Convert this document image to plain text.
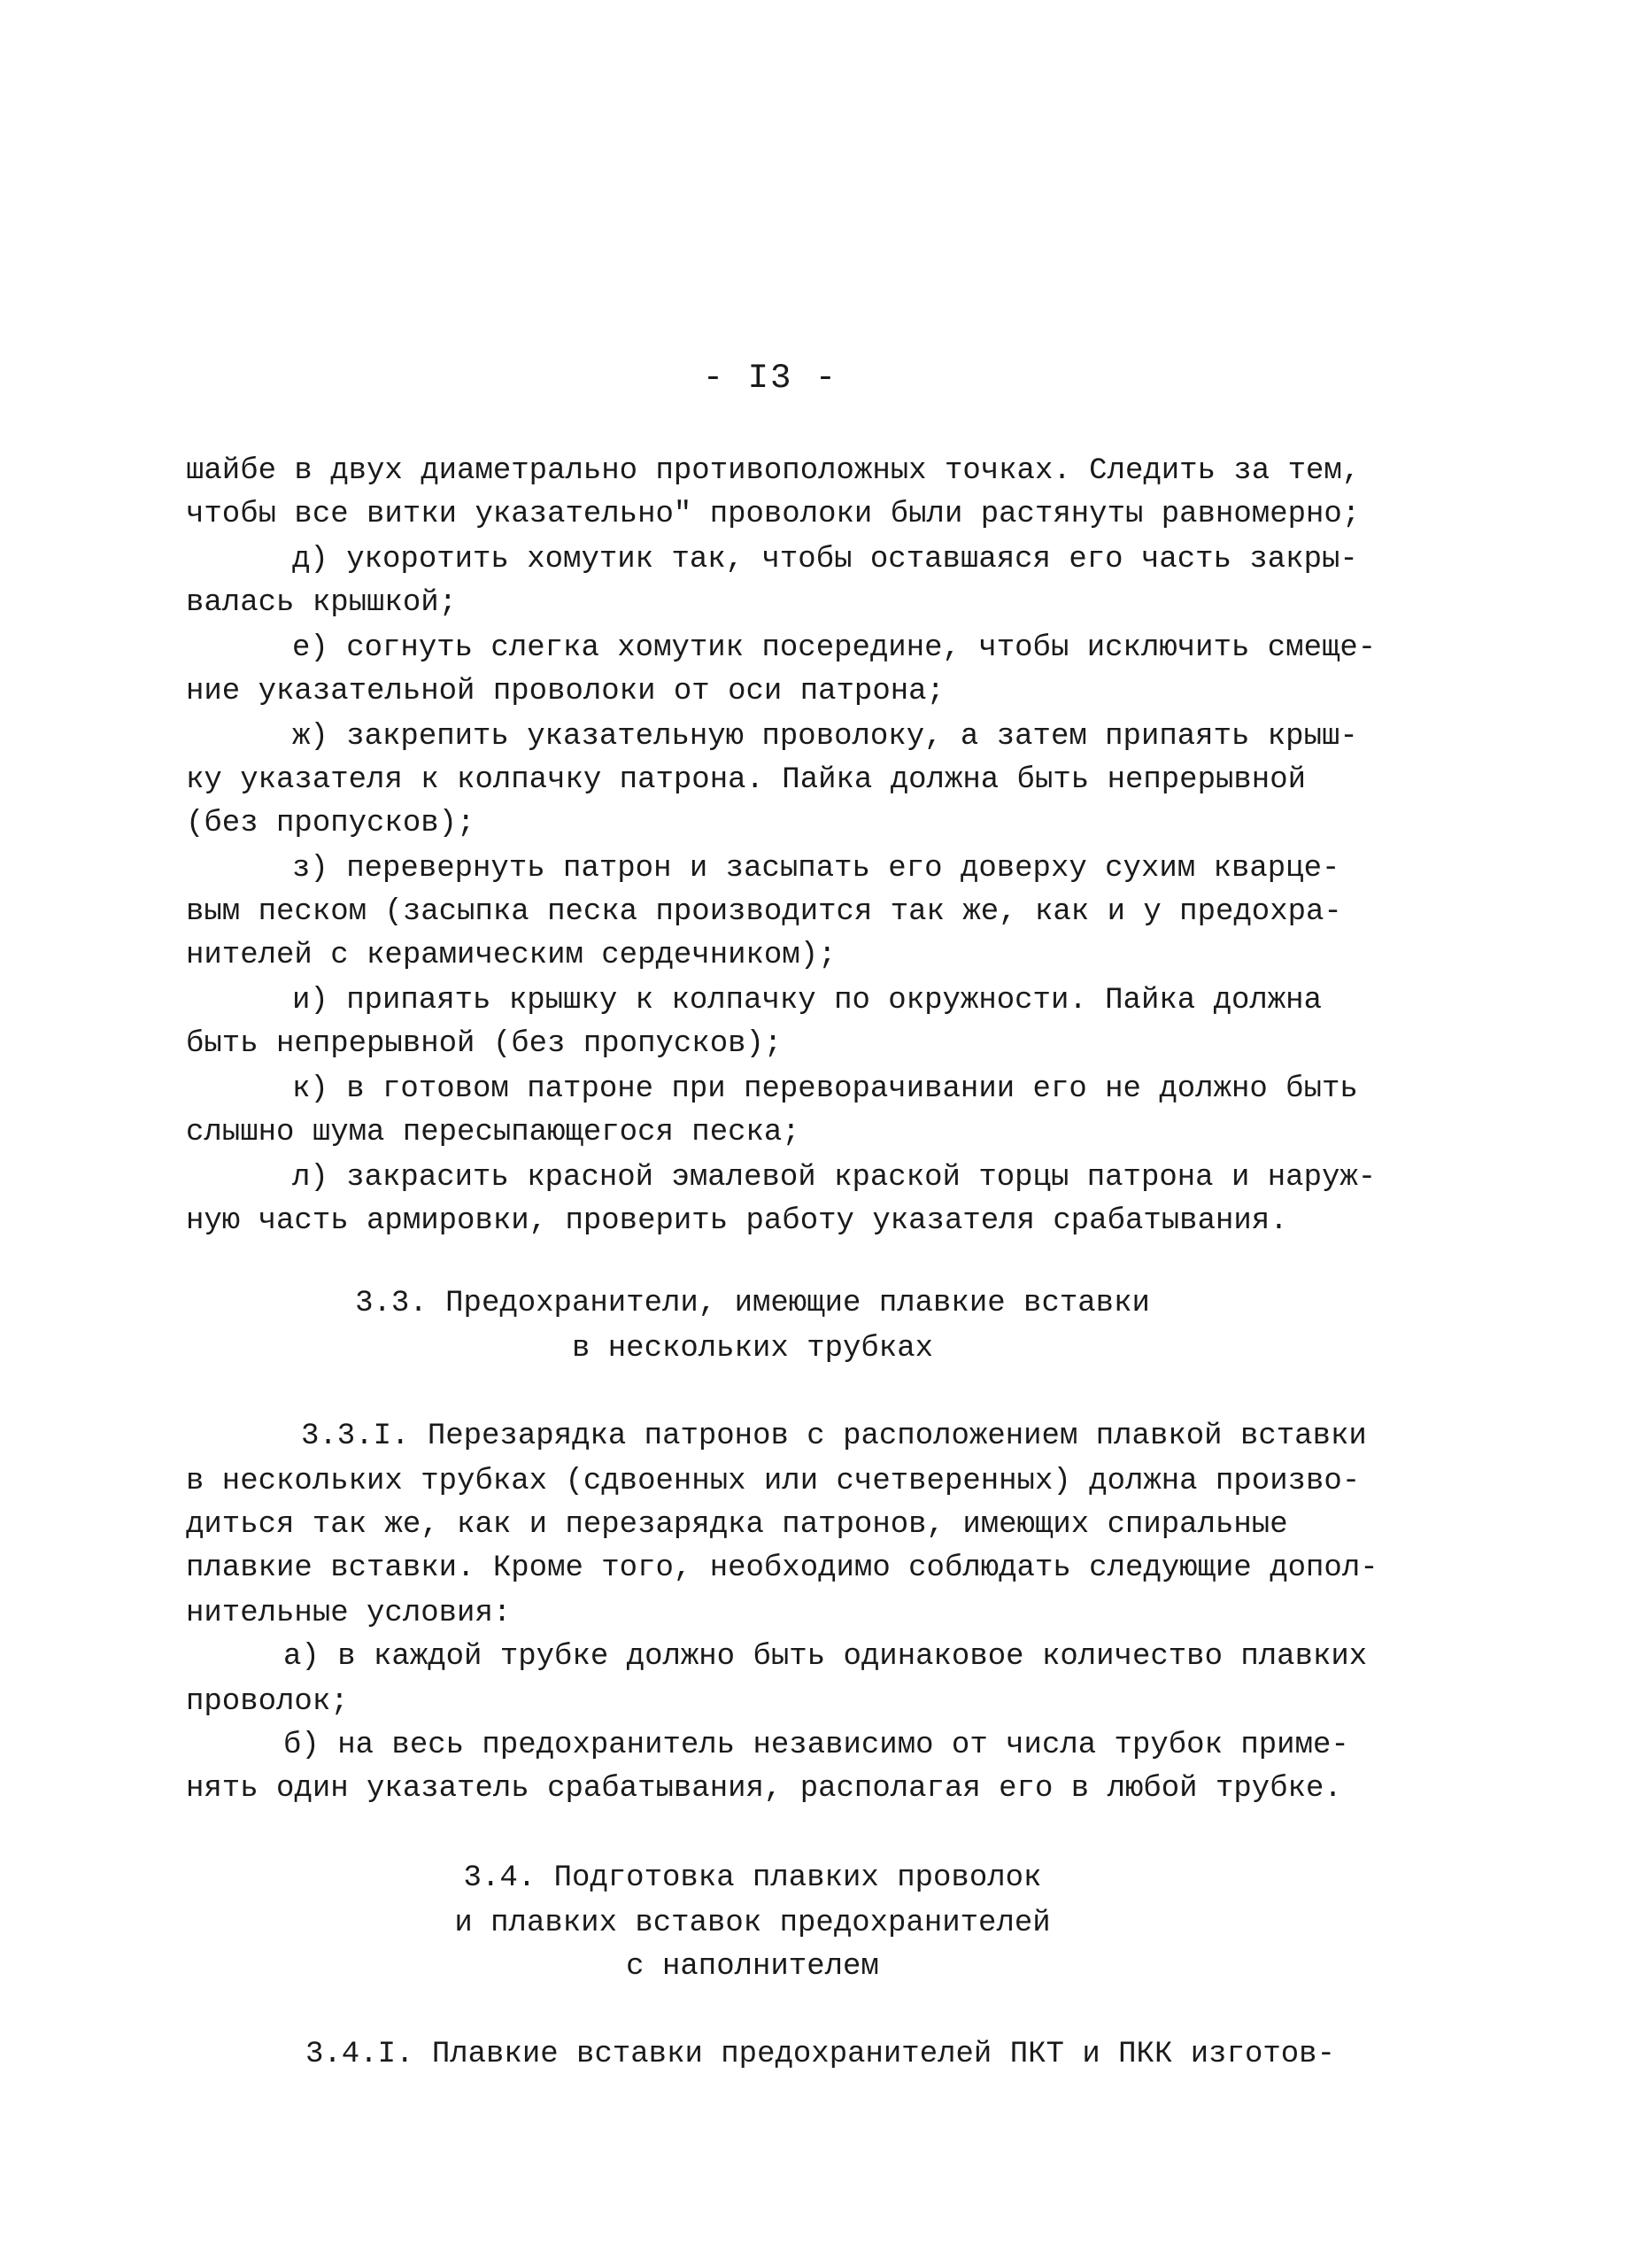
- I3 -
шайбе в двух диаметрально противоположных точках. Следить за тем,
чтобы все витки указательноʺ проволоки были растянуты равномерно;
д) укоротить хомутик так, чтобы оставшаяся его часть закры-
валась крышкой;
е) согнуть слегка хомутик посередине, чтобы исключить смеще-
ние указательной проволоки от оси патрона;
ж) закрепить указательную проволоку, а затем припаять крыш-
ку указателя к колпачку патрона. Пайка должна быть непрерывной
(без пропусков);
з) перевернуть патрон и засыпать его доверху сухим кварце-
вым песком (засыпка песка производится так же, как и у предохра-
нителей с керамическим сердечником);
и) припаять крышку к колпачку по окружности. Пайка должна
быть непрерывной (без пропусков);
к) в готовом патроне при переворачивании его не должно быть
слышно шума пересыпающегося песка;
л) закрасить красной эмалевой краской торцы патрона и наруж-
ную часть армировки, проверить работу указателя срабатывания.
3.3. Предохранители, имеющие плавкие вставки
в нескольких трубках
3.3.I. Перезарядка патронов с расположением плавкой вставки
в нескольких трубках (сдвоенных или счетверенных) должна произво-
диться так же, как и перезарядка патронов, имеющих спиральные
плавкие вставки. Кроме того, необходимо соблюдать следующие допол-
нительные условия:
а) в каждой трубке должно быть одинаковое количество плавких
проволок;
б) на весь предохранитель независимо от числа трубок приме-
нять один указатель срабатывания, располагая его в любой трубке.
3.4. Подготовка плавких проволок
и плавких вставок предохранителей
с наполнителем
3.4.I. Плавкие вставки предохранителей ПКТ и ПКК изготов-
